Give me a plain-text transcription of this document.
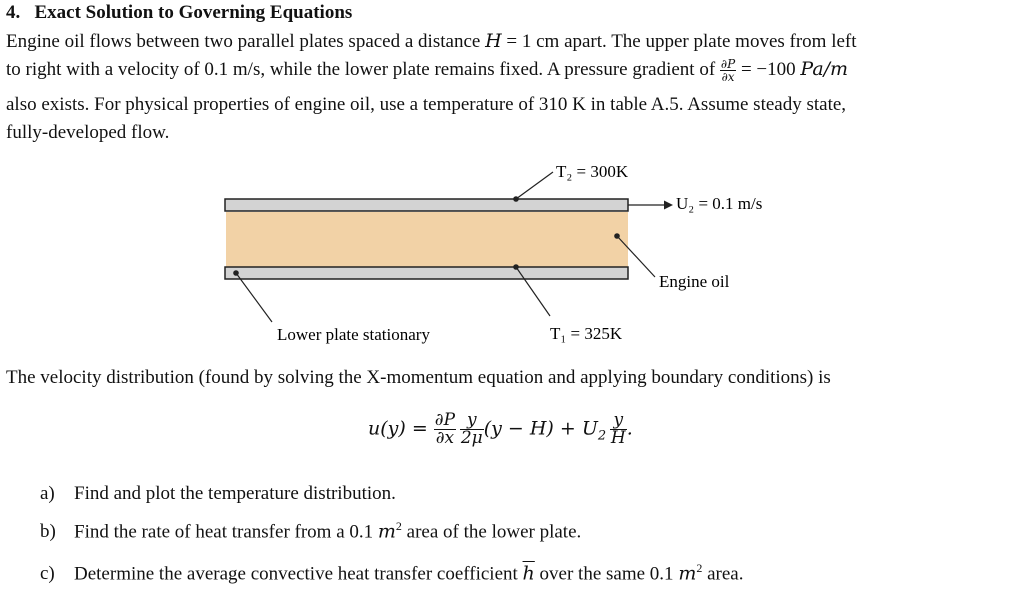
4. Exact Solution to Governing Equations
Engine oil flows between two parallel plates spaced a distance H = 1 cm apart. The upper plate moves from left
to right with a velocity of 0.1 m/s, while the lower plate remains fixed. A pressure gradient of $\frac{\partial P}{\partial x} = -100$ Pa/m
also exists. For physical properties of engine oil, use a temperature of 310 K in table A.5. Assume steady state,
fully-developed flow.
T₂ = 300K
U₂ = 0.1 m/s
Engine oil
Lower plate stationary	T₁ = 325K
The velocity distribution (found by solving the X-momentum equation and applying boundary conditions) is
$u(y) = \frac{\partial P}{\partial x}$
  $\frac{y}{2\mu} (y - H) + U_2 \frac{y}{H}$ .
a) Find and plot the temperature distribution.
b) Find the rate of heat transfer from a 0.1 $m^2$ area of the lower plate.
c) Determine the average convective heat transfer coefficient $\overline{h}$ over the same 0.1 $m^2$ area.
